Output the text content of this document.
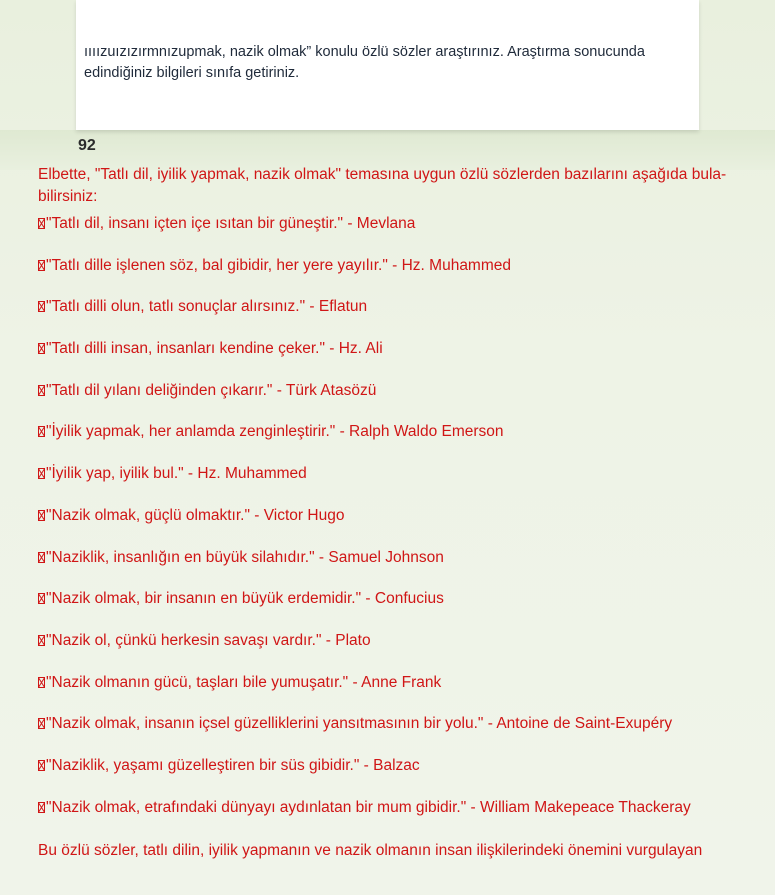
ıııızuızızırmnızupmak, nazik olmak” konulu özlü sözler araştırınız. Araştırma sonucunda edindiğiniz bilgileri sınıfa getiriniz.

92

Elbette, "Tatlı dil, iyilik yapmak, nazik olmak" temasına uygun özlü sözlerden bazılarını aşağıda bula-bilirsiniz:

"Tatlı dil, insanı içten içe ısıtan bir güneştir." - Mevlana
"Tatlı dille işlenen söz, bal gibidir, her yere yayılır." - Hz. Muhammed
"Tatlı dilli olun, tatlı sonuçlar alırsınız." - Eflatun
"Tatlı dilli insan, insanları kendine çeker." - Hz. Ali
"Tatlı dil yılanı deliğinden çıkarır." - Türk Atasözü
"İyilik yapmak, her anlamda zenginleştirir." - Ralph Waldo Emerson
"İyilik yap, iyilik bul." - Hz. Muhammed
"Nazik olmak, güçlü olmaktır." - Victor Hugo
"Naziklik, insanlığın en büyük silahıdır." - Samuel Johnson
"Nazik olmak, bir insanın en büyük erdemidir." - Confucius
"Nazik ol, çünkü herkesin savaşı vardır." - Plato
"Nazik olmanın gücü, taşları bile yumuşatır." - Anne Frank
"Nazik olmak, insanın içsel güzelliklerini yansıtmasının bir yolu." - Antoine de Saint-Exupéry
"Naziklik, yaşamı güzelleştiren bir süs gibidir." - Balzac
"Nazik olmak, etrafındaki dünyayı aydınlatan bir mum gibidir." - William Makepeace Thackeray

Bu özlü sözler, tatlı dilin, iyilik yapmanın ve nazik olmanın insan ilişkilerindeki önemini vurgulayan
